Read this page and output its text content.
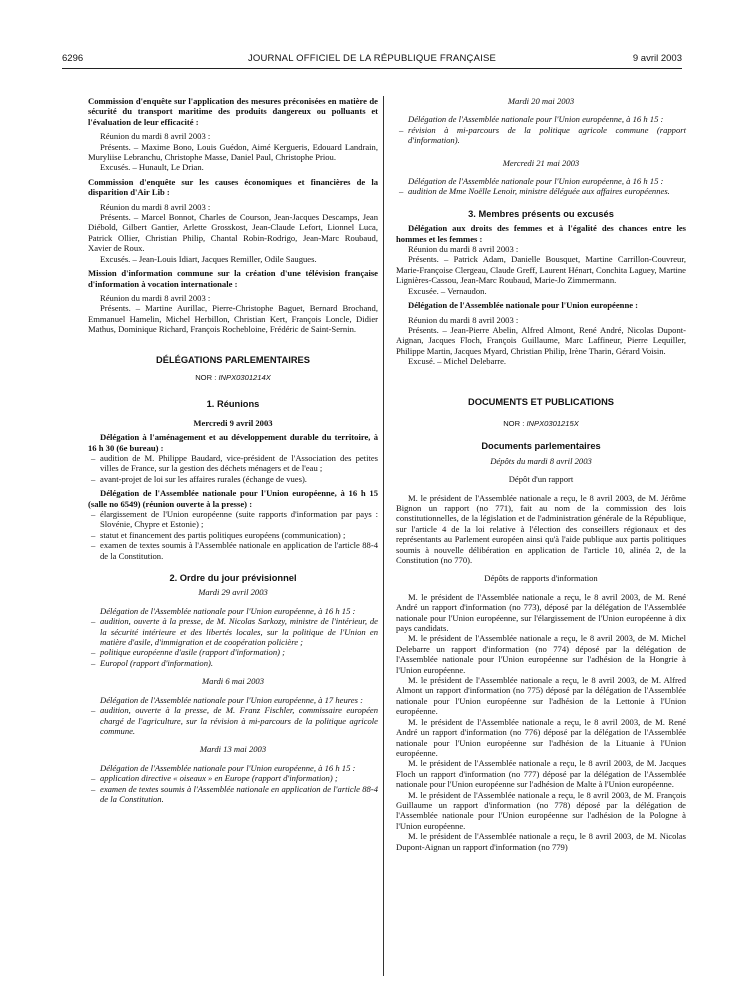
6296	JOURNAL OFFICIEL DE LA RÉPUBLIQUE FRANÇAISE	9 avril 2003

Commission d'enquête sur l'application des mesures préconisées en matière de sécurité du transport maritime des produits dangereux ou polluants et l'évaluation de leur efficacité :

Réunion du mardi 8 avril 2003 :

Présents. – Maxime Bono, Louis Guédon, Aimé Kergueris, Edouard Landrain, Muryliise Lebranchu, Christophe Masse, Daniel Paul, Christophe Priou.

Excusés. – Hunault, Le Drian.

Commission d'enquête sur les causes économiques et financières de la disparition d'Air Lib :

Réunion du mardi 8 avril 2003 :

Présents. – Marcel Bonnot, Charles de Courson, Jean-Jacques Descamps, Jean Diébold, Gilbert Gantier, Arlette Grosskost, Jean-Claude Lefort, Lionnel Luca, Patrick Ollier, Christian Philip, Chantal Robin-Rodrigo, Jean-Marc Roubaud, Xavier de Roux.

Excusés. – Jean-Louis Idiart, Jacques Remiller, Odile Saugues.

Mission d'information commune sur la création d'une télévision française d'information à vocation internationale :

Réunion du mardi 8 avril 2003 :

Présents. – Martine Aurillac, Pierre-Christophe Baguet, Bernard Brochand, Emmanuel Hamelin, Michel Herbillon, Christian Kert, François Loncle, Didier Mathus, Dominique Richard, François Rochebloine, Frédéric de Saint-Sernin.

DÉLÉGATIONS PARLEMENTAIRES

NOR : INPX0301214X

1. Réunions

Mercredi 9 avril 2003

Délégation à l'aménagement et au développement durable du territoire, à 16 h 30 (6e bureau) :

– audition de M. Philippe Baudard, vice-président de l'Association des petites villes de France, sur la gestion des déchets ménagers et de l'eau ;
– avant-projet de loi sur les affaires rurales (échange de vues).

Délégation de l'Assemblée nationale pour l'Union européenne, à 16 h 15 (salle no 6549) (réunion ouverte à la presse) :

– élargissement de l'Union européenne (suite rapports d'information par pays : Slovénie, Chypre et Estonie) ;
– statut et financement des partis politiques européens (communication) ;
– examen de textes soumis à l'Assemblée nationale en application de l'article 88-4 de la Constitution.

2. Ordre du jour prévisionnel

Mardi 29 avril 2003

Délégation de l'Assemblée nationale pour l'Union européenne, à 16 h 15 :

– audition, ouverte à la presse, de M. Nicolas Sarkozy, ministre de l'intérieur, de la sécurité intérieure et des libertés locales, sur la politique de l'Union en matière d'asile, d'immigration et de coopération policière ;
– politique européenne d'asile (rapport d'information) ;
– Europol (rapport d'information).

Mardi 6 mai 2003

Délégation de l'Assemblée nationale pour l'Union européenne, à 17 heures :

– audition, ouverte à la presse, de M. Franz Fischler, commissaire européen chargé de l'agriculture, sur la révision à mi-parcours de la politique agricole commune.

Mardi 13 mai 2003

Délégation de l'Assemblée nationale pour l'Union européenne, à 16 h 15 :

– application directive « oiseaux » en Europe (rapport d'information) ;
– examen de textes soumis à l'Assemblée nationale en application de l'article 88-4 de la Constitution.

Mardi 20 mai 2003

Délégation de l'Assemblée nationale pour l'Union européenne, à 16 h 15 :

– révision à mi-parcours de la politique agricole commune (rapport d'information).

Mercredi 21 mai 2003

Délégation de l'Assemblée nationale pour l'Union européenne, à 16 h 15 :

– audition de Mme Noëlle Lenoir, ministre déléguée aux affaires européennes.

3. Membres présents ou excusés

Délégation aux droits des femmes et à l'égalité des chances entre les hommes et les femmes :

Réunion du mardi 8 avril 2003 :

Présents. – Patrick Adam, Danielle Bousquet, Martine Carrillon-Couvreur, Marie-Françoise Clergeau, Claude Greff, Laurent Hénart, Conchita Laguey, Martine Lignières-Cassou, Jean-Marc Roubaud, Marie-Jo Zimmermann.

Excusée. – Vernaudon.

Délégation de l'Assemblée nationale pour l'Union européenne :

Réunion du mardi 8 avril 2003 :

Présents. – Jean-Pierre Abelin, Alfred Almont, René André, Nicolas Dupont-Aignan, Jacques Floch, François Guillaume, Marc Laffineur, Pierre Lequiller, Philippe Martin, Jacques Myard, Christian Philip, Irène Tharin, Gérard Voisin.

Excusé. – Michel Delebarre.

DOCUMENTS ET PUBLICATIONS

NOR : INPX0301215X

Documents parlementaires

Dépôts du mardi 8 avril 2003

Dépôt d'un rapport

M. le président de l'Assemblée nationale a reçu, le 8 avril 2003, de M. Jérôme Bignon un rapport (no 771), fait au nom de la commission des lois constitutionnelles, de la législation et de l'administration générale de la République, sur l'article 4 de la loi relative à l'élection des conseillers régionaux et des représentants au Parlement européen ainsi qu'à l'aide publique aux partis politiques soumis à nouvelle délibération en application de l'article 10, alinéa 2, de la Constitution (no 770).

Dépôts de rapports d'information

M. le président de l'Assemblée nationale a reçu, le 8 avril 2003, de M. René André un rapport d'information (no 773), déposé par la délégation de l'Assemblée nationale pour l'Union européenne, sur l'élargissement de l'Union européenne à dix pays candidats.

M. le président de l'Assemblée nationale a reçu, le 8 avril 2003, de M. Michel Delebarre un rapport d'information (no 774) déposé par la délégation de l'Assemblée nationale pour l'Union européenne sur l'adhésion de la Hongrie à l'Union européenne.

M. le président de l'Assemblée nationale a reçu, le 8 avril 2003, de M. Alfred Almont un rapport d'information (no 775) déposé par la délégation de l'Assemblée nationale pour l'Union européenne sur l'adhésion de la Lettonie à l'Union européenne.

M. le président de l'Assemblée nationale a reçu, le 8 avril 2003, de M. René André un rapport d'information (no 776) déposé par la délégation de l'Assemblée nationale pour l'Union européenne sur l'adhésion de la Lituanie à l'Union européenne.

M. le président de l'Assemblée nationale a reçu, le 8 avril 2003, de M. Jacques Floch un rapport d'information (no 777) déposé par la délégation de l'Assemblée nationale pour l'Union européenne sur l'adhésion de Malte à l'Union européenne.

M. le président de l'Assemblée nationale a reçu, le 8 avril 2003, de M. François Guillaume un rapport d'information (no 778) déposé par la délégation de l'Assemblée nationale pour l'Union européenne sur l'adhésion de la Pologne à l'Union européenne.

M. le président de l'Assemblée nationale a reçu, le 8 avril 2003, de M. Nicolas Dupont-Aignan un rapport d'information (no 779)
